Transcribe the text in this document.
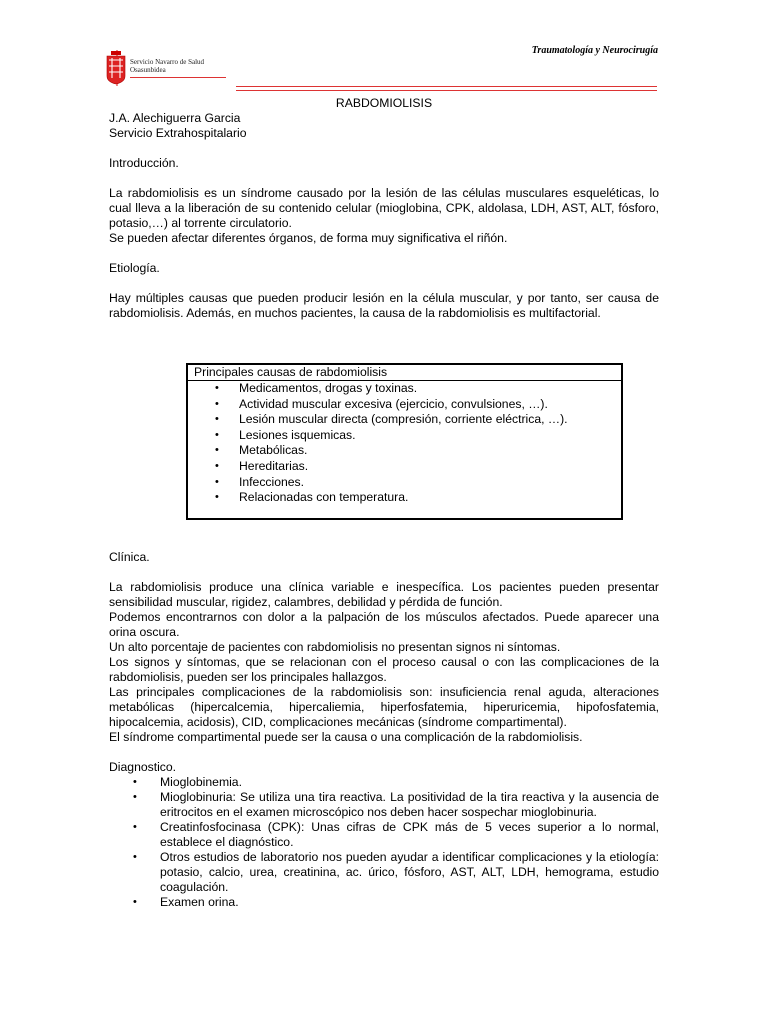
Servicio Navarro de Salud
Osasunbidea
Traumatología y Neurocirugía
RABDOMIOLISIS

J.A. Alechiguerra Garcia

Servicio Extrahospitalario

Introducción.

La rabdomiolisis es un síndrome causado por la lesión de las células musculares esqueléticas, lo cual lleva a la liberación de su contenido celular (mioglobina, CPK, aldolasa, LDH, AST, ALT, fósforo, potasio,…) al torrente circulatorio.

Se pueden afectar diferentes órganos, de forma muy significativa el riñón.

Etiología.

Hay múltiples causas que pueden producir lesión en la célula muscular, y por tanto, ser causa de rabdomiolisis. Además, en muchos pacientes, la causa de la rabdomiolisis es multifactorial.

Principales causas de rabdomiolisis
• Medicamentos, drogas y toxinas.
• Actividad muscular excesiva (ejercicio, convulsiones, …).
• Lesión muscular directa (compresión, corriente eléctrica, …).
• Lesiones isquemicas.
• Metabólicas.
• Hereditarias.
• Infecciones.
• Relacionadas con temperatura.

Clínica.

La rabdomiolisis produce una clínica variable e inespecífica. Los pacientes pueden presentar sensibilidad muscular, rigidez, calambres, debilidad y pérdida de función.

Podemos encontrarnos con dolor a la palpación de los músculos afectados. Puede aparecer una orina oscura.

Un alto porcentaje de pacientes con rabdomiolisis no presentan signos ni síntomas.

Los signos y síntomas, que se relacionan con el proceso causal o con las complicaciones de la rabdomiolisis, pueden ser los principales hallazgos.

Las principales complicaciones de la rabdomiolisis son: insuficiencia renal aguda, alteraciones metabólicas (hipercalcemia, hipercaliemia, hiperfosfatemia, hiperuricemia, hipofosfatemia, hipocalcemia, acidosis), CID, complicaciones mecánicas (síndrome compartimental).

El síndrome compartimental puede ser la causa o una complicación de la rabdomiolisis.

Diagnostico.

• Mioglobinemia.
• Mioglobinuria: Se utiliza una tira reactiva. La positividad de la tira reactiva y la ausencia de eritrocitos en el examen microscópico nos deben hacer sospechar mioglobinuria.
• Creatinfosfocinasa (CPK): Unas cifras de CPK más de 5 veces superior a lo normal, establece el diagnóstico.
• Otros estudios de laboratorio nos pueden ayudar a identificar complicaciones y la etiología: potasio, calcio, urea, creatinina, ac. úrico, fósforo, AST, ALT, LDH, hemograma, estudio coagulación.
• Examen orina.
